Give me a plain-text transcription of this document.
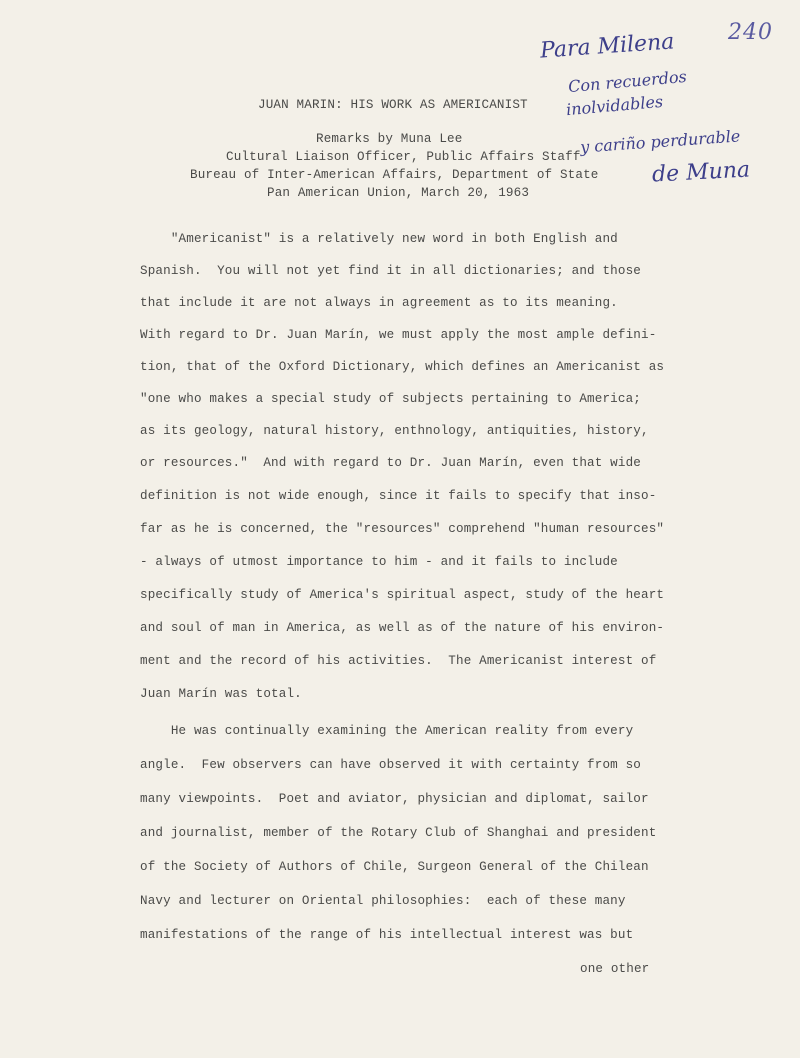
240
Para Milena
Con recuerdos
inolvidables
y cariño perdurable
de Muna
JUAN MARIN: HIS WORK AS AMERICANIST
Remarks by Muna Lee
Cultural Liaison Officer, Public Affairs Staff
Bureau of Inter-American Affairs, Department of State
Pan American Union, March 20, 1963
"Americanist" is a relatively new word in both English and
Spanish.  You will not yet find it in all dictionaries; and those
that include it are not always in agreement as to its meaning.
With regard to Dr. Juan Marín, we must apply the most ample defini-
tion, that of the Oxford Dictionary, which defines an Americanist as
"one who makes a special study of subjects pertaining to America;
as its geology, natural history, enthnology, antiquities, history,
or resources."  And with regard to Dr. Juan Marín, even that wide
definition is not wide enough, since it fails to specify that inso-
far as he is concerned, the "resources" comprehend "human resources"
- always of utmost importance to him - and it fails to include
specifically study of America's spiritual aspect, study of the heart
and soul of man in America, as well as of the nature of his environ-
ment and the record of his activities.  The Americanist interest of
Juan Marín was total.
He was continually examining the American reality from every
angle.  Few observers can have observed it with certainty from so
many viewpoints.  Poet and aviator, physician and diplomat, sailor
and journalist, member of the Rotary Club of Shanghai and president
of the Society of Authors of Chile, Surgeon General of the Chilean
Navy and lecturer on Oriental philosophies:  each of these many
manifestations of the range of his intellectual interest was but
one other
